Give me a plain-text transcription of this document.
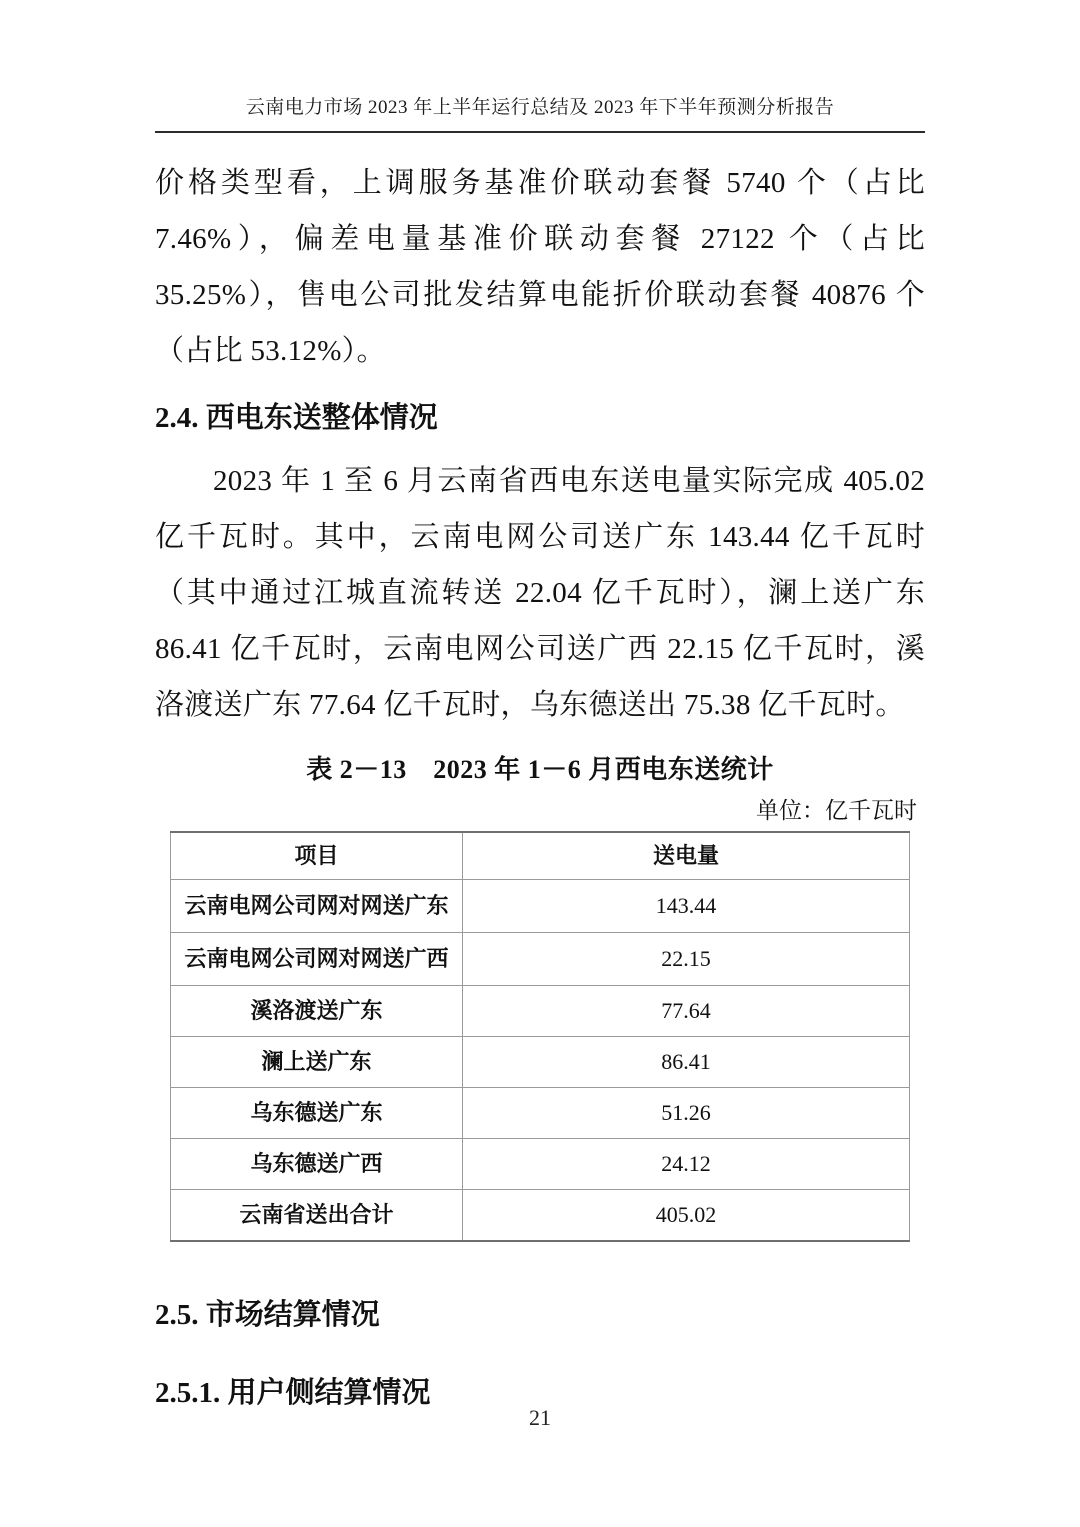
云南电力市场 2023 年上半年运行总结及 2023 年下半年预测分析报告

价格类型看，上调服务基准价联动套餐 5740 个（占比 7.46%），偏差电量基准价联动套餐 27122 个（占比 35.25%），售电公司批发结算电能折价联动套餐 40876 个（占比 53.12%）。

2.4. 西电东送整体情况

2023 年 1 至 6 月云南省西电东送电量实际完成 405.02 亿千瓦时。其中，云南电网公司送广东 143.44 亿千瓦时（其中通过江城直流转送 22.04 亿千瓦时），澜上送广东 86.41 亿千瓦时，云南电网公司送广西 22.15 亿千瓦时，溪洛渡送广东 77.64 亿千瓦时，乌东德送出 75.38 亿千瓦时。

表 2－13　2023 年 1－6 月西电东送统计
单位：亿千瓦时
项目	送电量
云南电网公司网对网送广东	143.44
云南电网公司网对网送广西	22.15
溪洛渡送广东	77.64
澜上送广东	86.41
乌东德送广东	51.26
乌东德送广西	24.12
云南省送出合计	405.02
2.5. 市场结算情况
2.5.1. 用户侧结算情况
21
